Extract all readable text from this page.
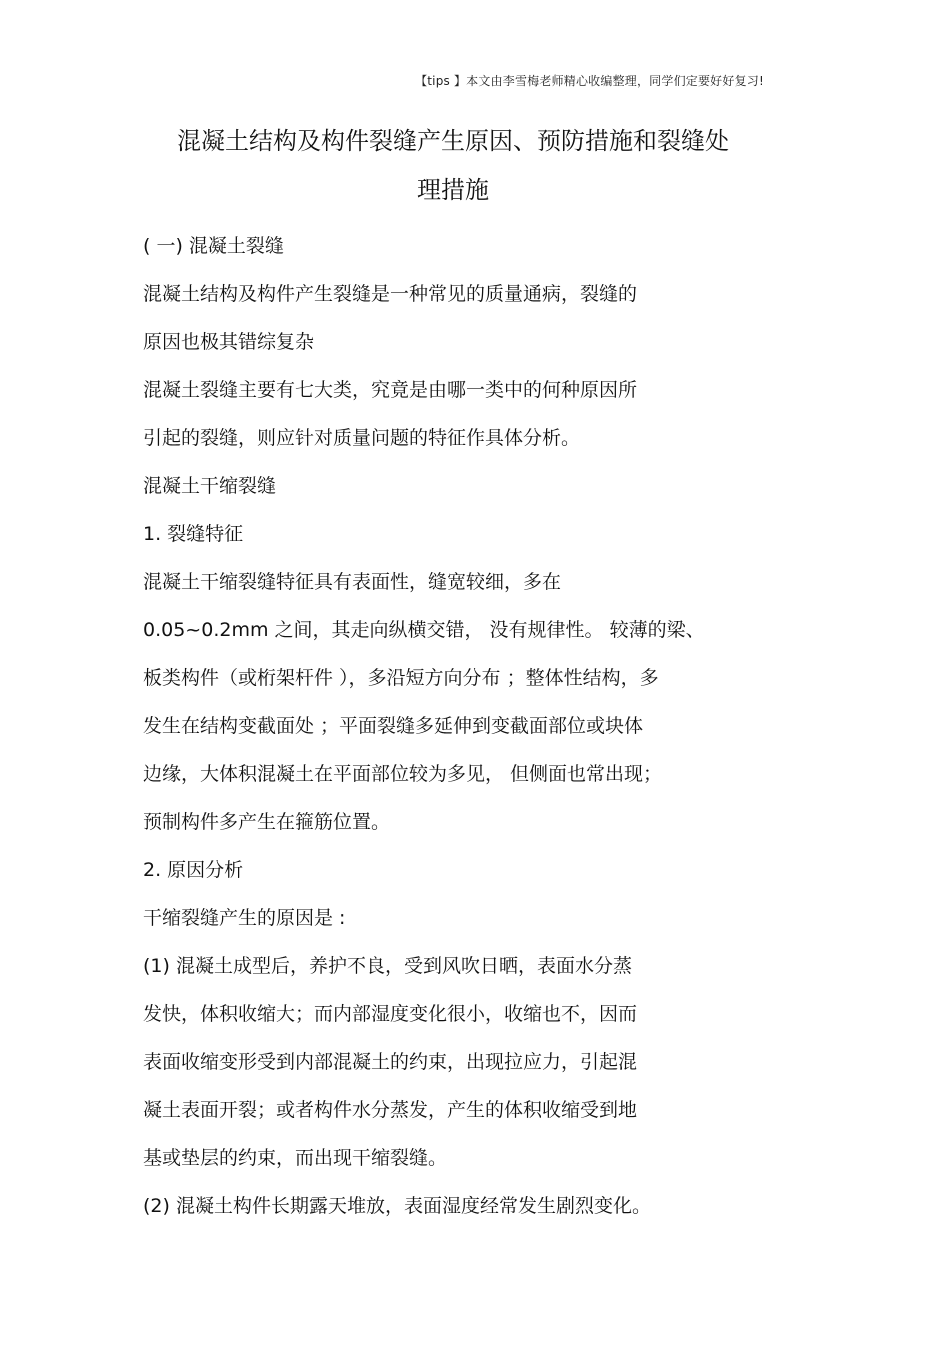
【tips 】本文由李雪梅老师精心收编整理，同学们定要好好复习!
混凝土结构及构件裂缝产生原因、预防措施和裂缝处
理措施
( 一) 混凝土裂缝
混凝土结构及构件产生裂缝是一种常见的质量通病，裂缝的
原因也极其错综复杂
混凝土裂缝主要有七大类，究竟是由哪一类中的何种原因所
引起的裂缝，则应针对质量问题的特征作具体分析。
混凝土干缩裂缝
1. 裂缝特征
混凝土干缩裂缝特征具有表面性，缝宽较细，多在
0.05~0.2mm 之间，其走向纵横交错， 没有规律性。 较薄的梁、
板类构件（或桁架杆件 ），多沿短方向分布 ；整体性结构，多
发生在结构变截面处 ；平面裂缝多延伸到变截面部位或块体
边缘，大体积混凝土在平面部位较为多见， 但侧面也常出现；
预制构件多产生在箍筋位置。
2. 原因分析
干缩裂缝产生的原因是 :
(1) 混凝土成型后，养护不良，受到风吹日晒，表面水分蒸
发快，体积收缩大；而内部湿度变化很小，收缩也不，因而
表面收缩变形受到内部混凝土的约束，出现拉应力，引起混
凝土表面开裂；或者构件水分蒸发，产生的体积收缩受到地
基或垫层的约束，而出现干缩裂缝。
(2) 混凝土构件长期露天堆放，表面湿度经常发生剧烈变化。
